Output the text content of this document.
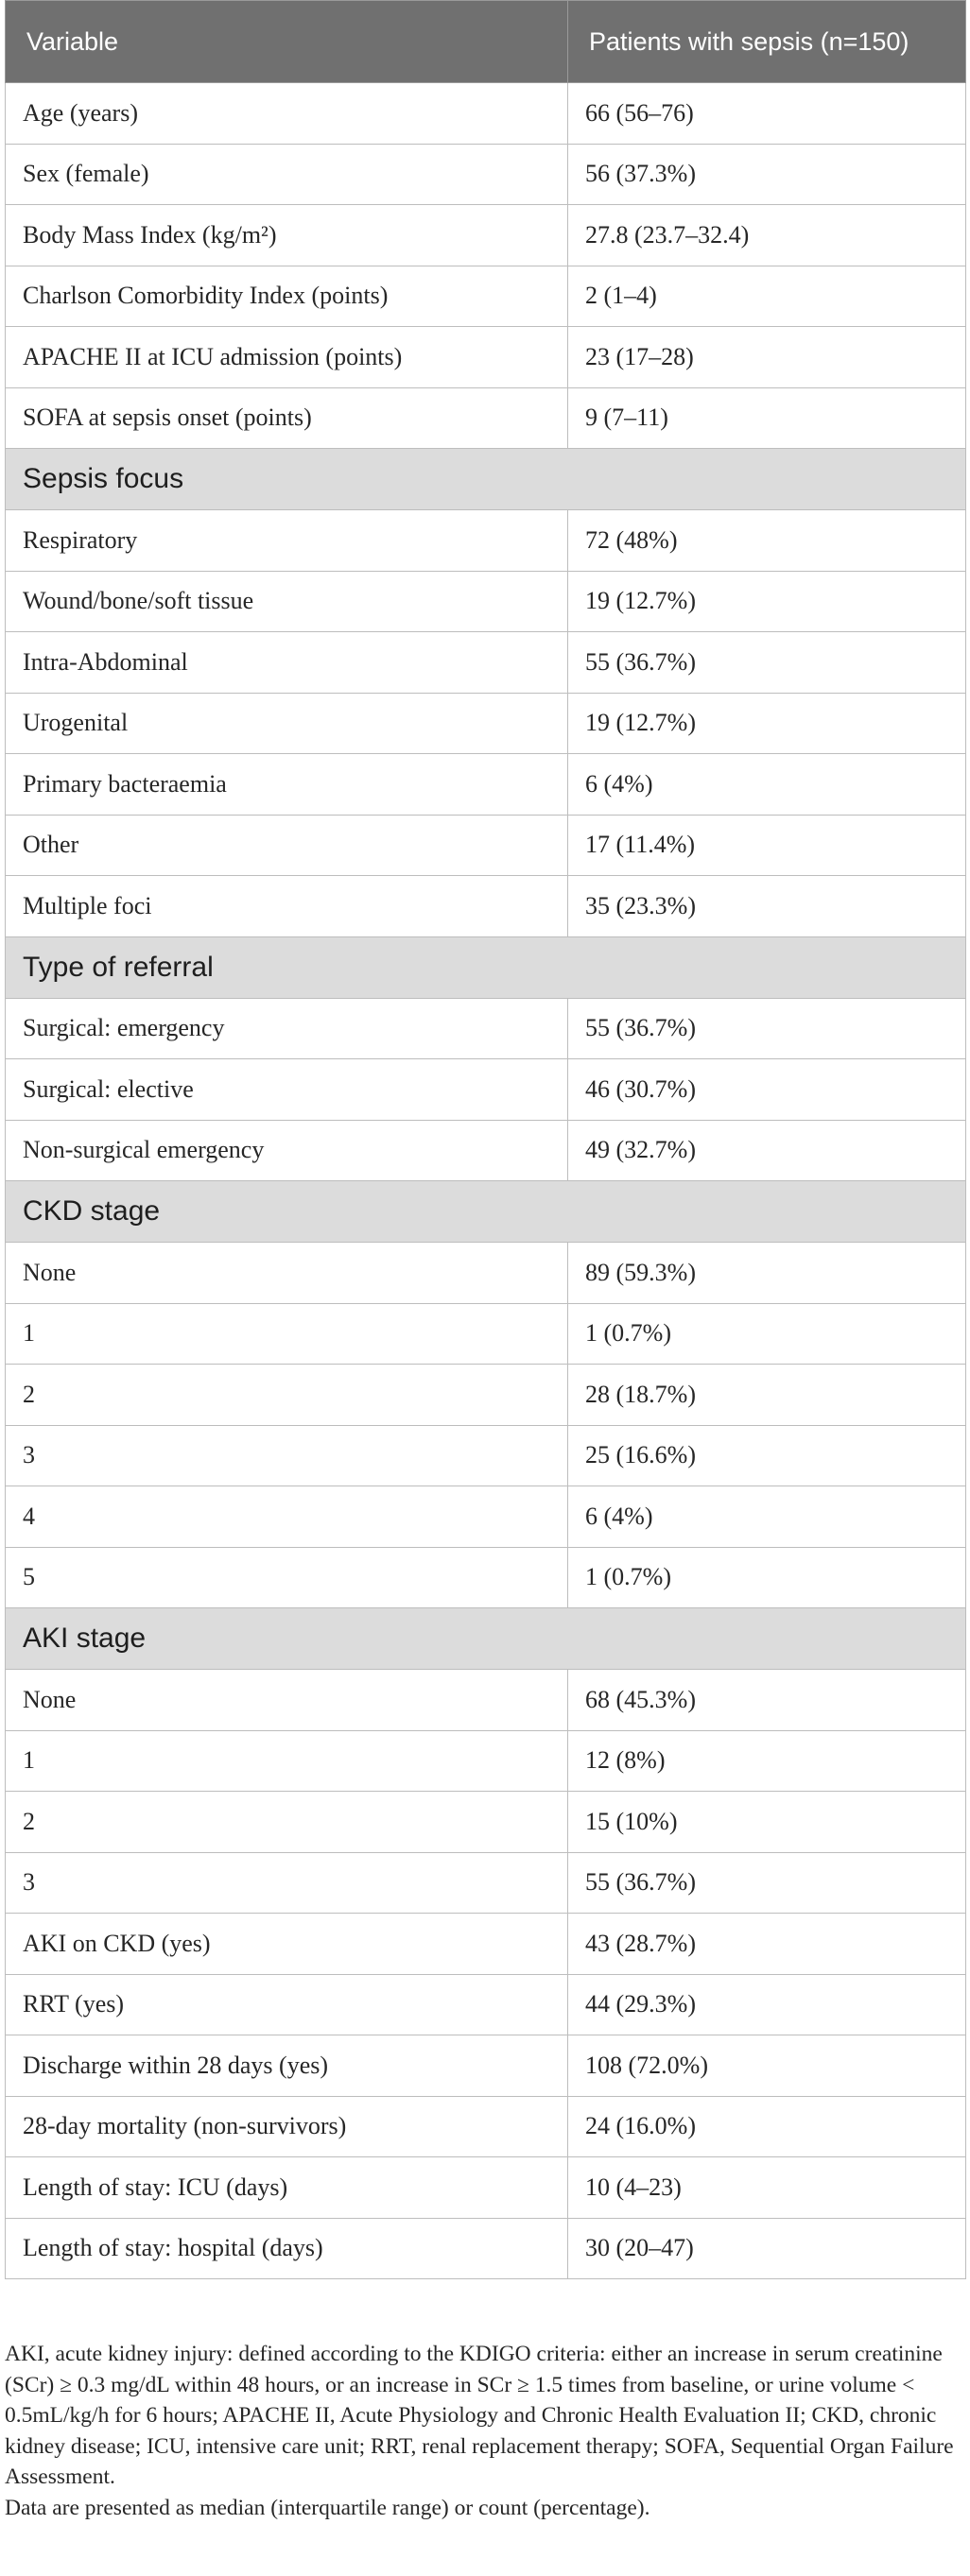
Variable	Patients with sepsis (n=150)
Age (years)	66 (56–76)
Sex (female)	56 (37.3%)
Body Mass Index (kg/m²)	27.8 (23.7–32.4)
Charlson Comorbidity Index (points)	2 (1–4)
APACHE II at ICU admission (points)	23 (17–28)
SOFA at sepsis onset (points)	9 (7–11)
Sepsis focus	
Respiratory	72 (48%)
Wound/bone/soft tissue	19 (12.7%)
Intra-Abdominal	55 (36.7%)
Urogenital	19 (12.7%)
Primary bacteraemia	6 (4%)
Other	17 (11.4%)
Multiple foci	35 (23.3%)
Type of referral	
Surgical: emergency	55 (36.7%)
Surgical: elective	46 (30.7%)
Non-surgical emergency	49 (32.7%)
CKD stage	
None	89 (59.3%)
1	1 (0.7%)
2	28 (18.7%)
3	25 (16.6%)
4	6 (4%)
5	1 (0.7%)
AKI stage	
None	68 (45.3%)
1	12 (8%)
2	15 (10%)
3	55 (36.7%)
AKI on CKD (yes)	43 (28.7%)
RRT (yes)	44 (29.3%)
Discharge within 28 days (yes)	108 (72.0%)
28-day mortality (non-survivors)	24 (16.0%)
Length of stay: ICU (days)	10 (4–23)
Length of stay: hospital (days)	30 (20–47)

AKI, acute kidney injury: defined according to the KDIGO criteria: either an increase in serum creatinine (SCr) ≥ 0.3 mg/dL within 48 hours, or an increase in SCr ≥ 1.5 times from baseline, or urine volume < 0.5mL/kg/h for 6 hours; APACHE II, Acute Physiology and Chronic Health Evaluation II; CKD, chronic kidney disease; ICU, intensive care unit; RRT, renal replacement therapy; SOFA, Sequential Organ Failure Assessment.

Data are presented as median (interquartile range) or count (percentage).
